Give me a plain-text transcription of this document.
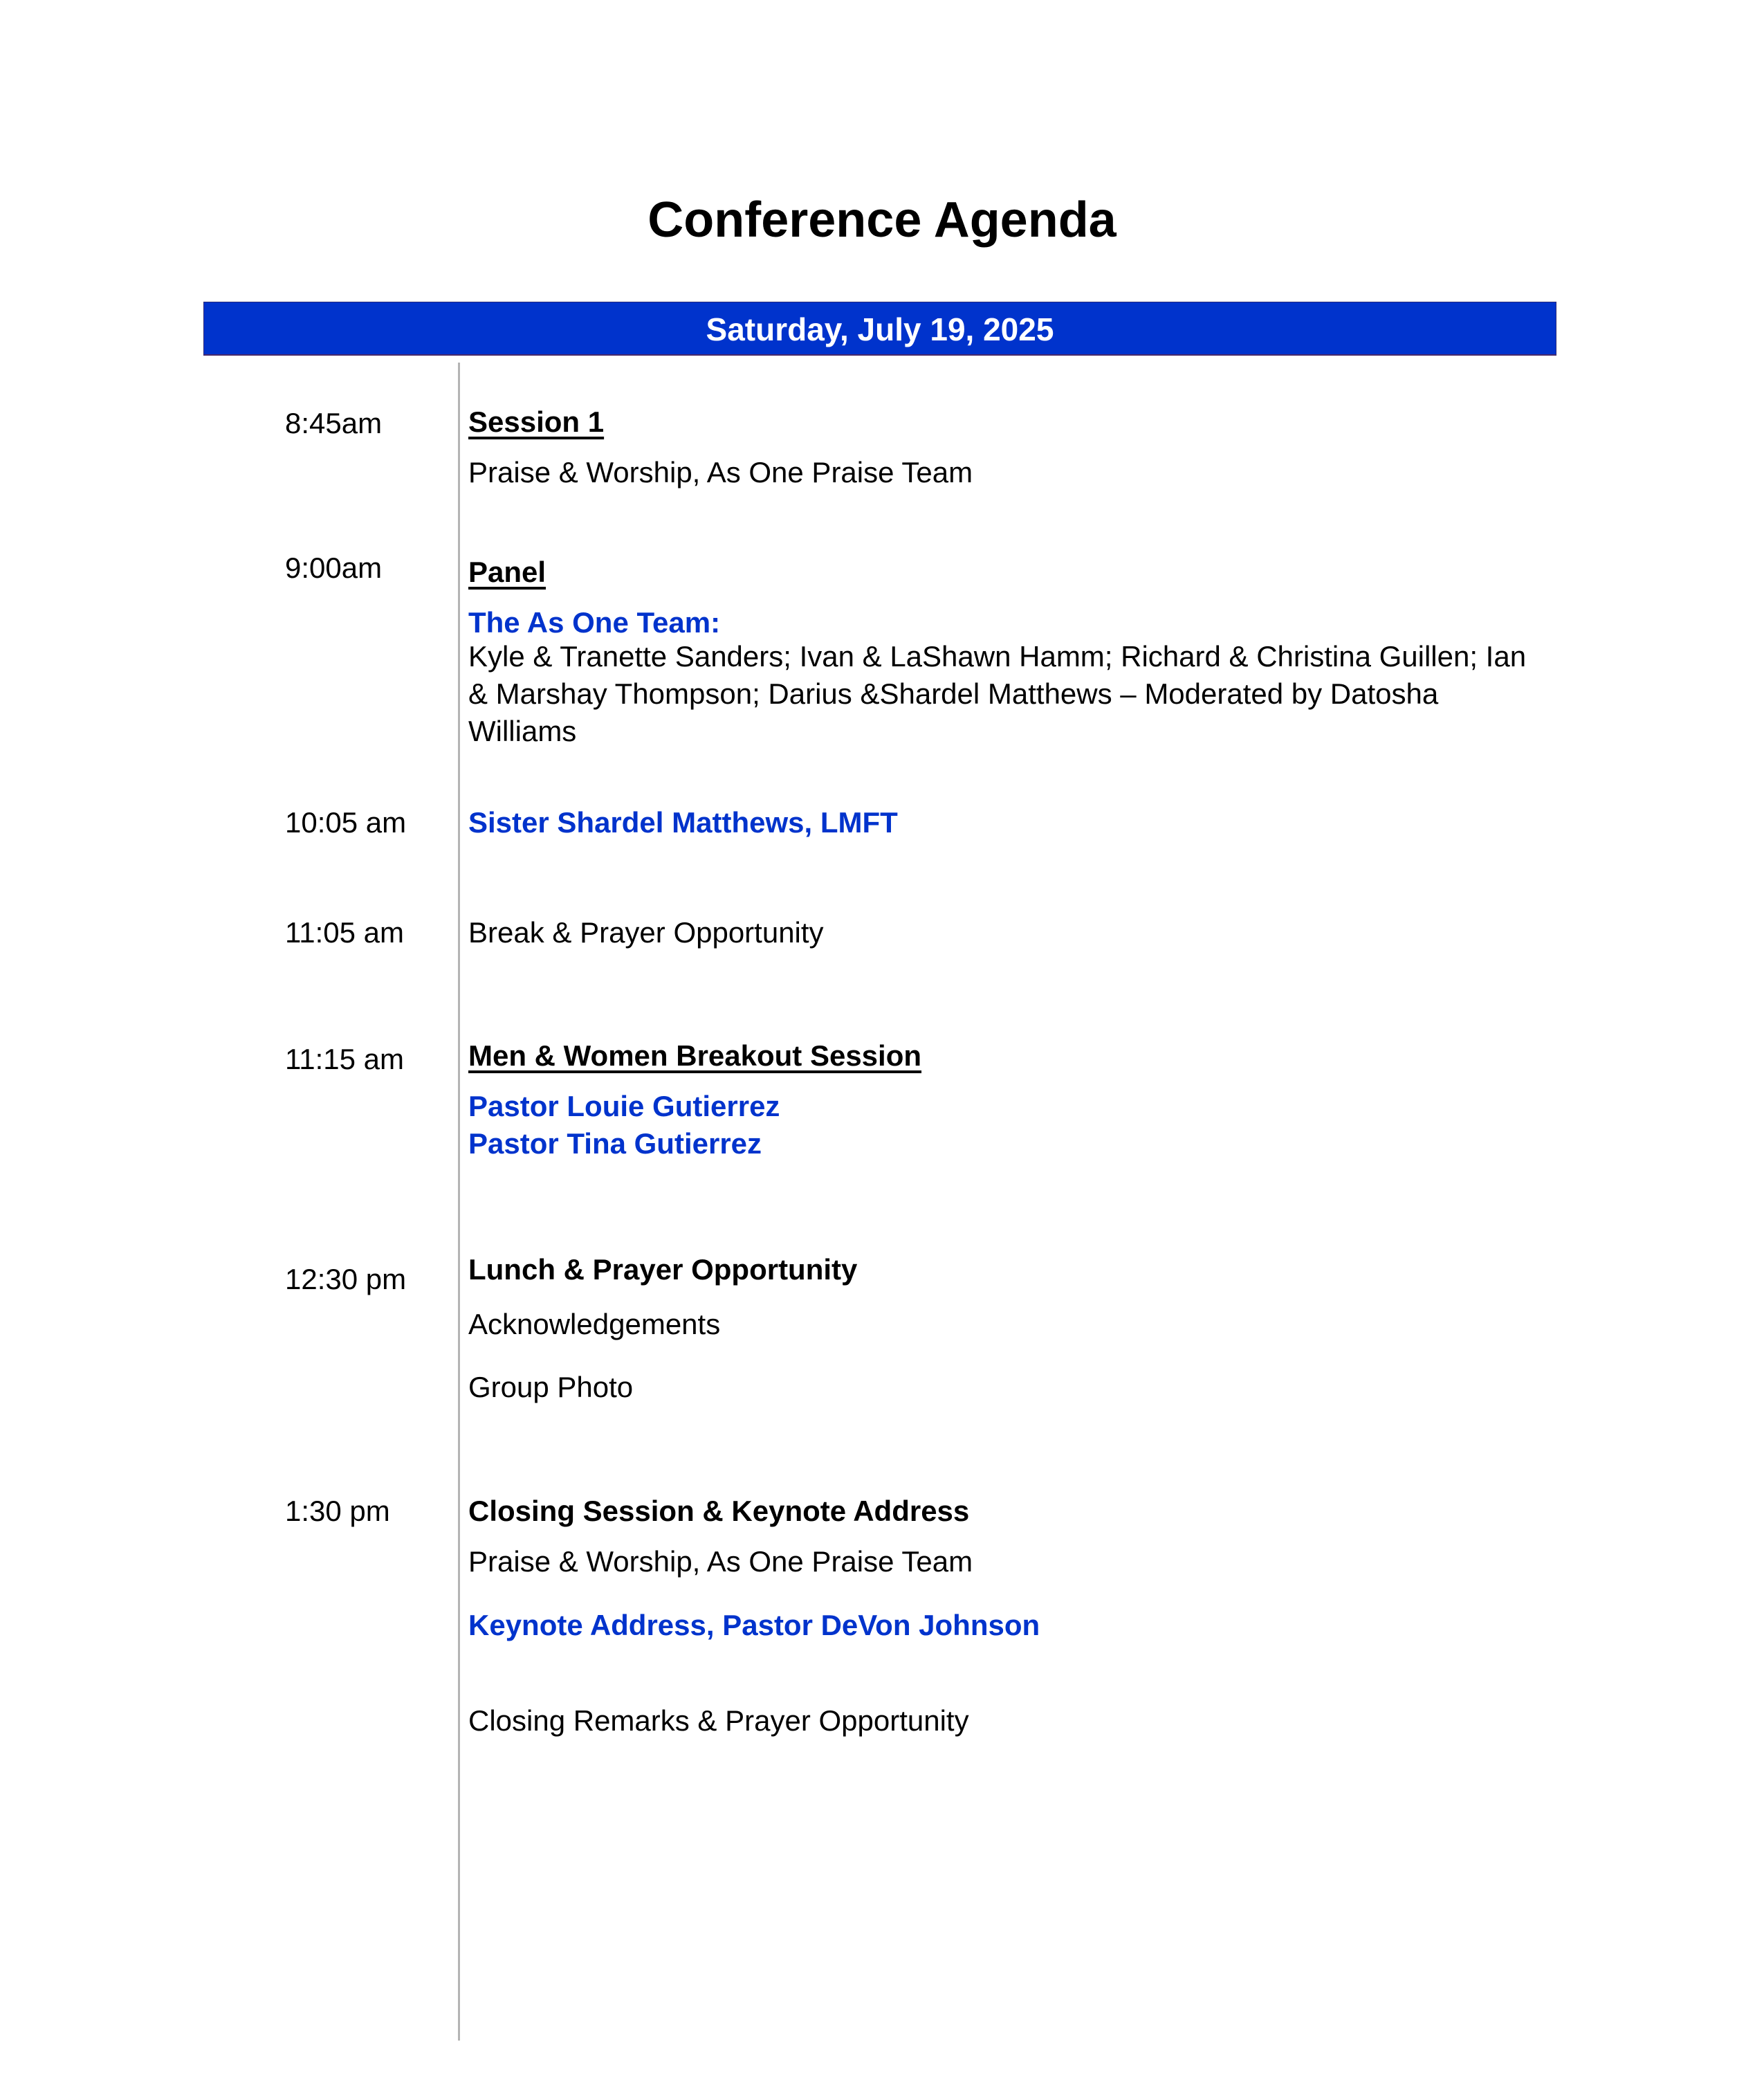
Conference Agenda
Saturday, July 19, 2025
8:45am	Session 1
Praise & Worship, As One Praise Team
9:00am	Panel
The As One Team:
Kyle & Tranette Sanders; Ivan & LaShawn Hamm; Richard & Christina Guillen; Ian & Marshay Thompson; Darius &Shardel Matthews – Moderated by Datosha Williams
10:05 am Sister Shardel Matthews, LMFT
11:05 am Break & Prayer Opportunity
11:15 am Men & Women Breakout Session
Pastor Louie Gutierrez
Pastor Tina Gutierrez
12:30 pm Lunch & Prayer Opportunity
Acknowledgements
Group Photo
1:30 pm	Closing Session & Keynote Address
Praise & Worship, As One Praise Team
Keynote Address, Pastor DeVon Johnson
Closing Remarks & Prayer Opportunity
